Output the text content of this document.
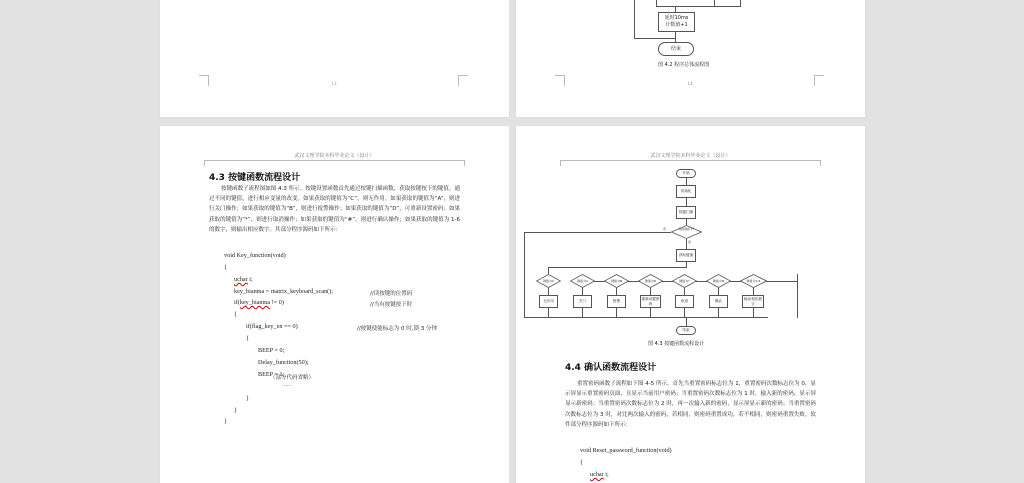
13
延时10ms
计数值+1
结束
图 4.2 程序总体流程图
14
武汉文理学院本科毕业论文（设计）
4.3 按键函数流程设计
按键函数子流程图如图 4.3 所示。按键设置函数首先通过按键扫描函数，获取按键按下的键值，通过不同的键值，进行相应变量的改变。如果获取的键值为“C”，则无作用。如果获取的键值为“A”，则进行关门操作；如果获取的键值为“B”，则进行报警操作；如果获取的键值为“D”，可重新设置密码；如果获取的键值为“*”，则进行取消操作；如果获取的键值为“#”，则进行确认操作；如果获取的键值为 1-6 的数字，则输出相应数字。其部分程序源码如下所示：
void Key_function(void)
{
uchar i;
key_bianma = matrix_keyboard_scan();	//读按键的位置码
if(key_bianma != 0)	//当有按键按下时
{
if(flag_key_en == 0)	//按键使能标志为 0 时,锁 3 分钟
{
BEEP = 0;
Delay_function(50);
BEEP = 1;
（部分代码省略）
……
}
}
}
武汉文理学院本科毕业论文（设计）
开始
初始化
按键扫描
有按键按下？
否
是
获取键值
键值为C	键值为A	键值为B	键值为D	键值为*	键值为#	键值为1-6
无作用	关门	报警
重新设置密码
取消	确认
输出相应数字
结束
图 4.3 按键函数流程设计
4.4 确认函数流程设计
重置密码函数子流程如下图 4-5 所示，首先当重置密码标志位为 1，重置密码次数标志位为 0，显示屏显示重置密码页面，且显示当前用户密码；当重置密码次数标志位为 1 时，输入新的密码，显示屏显示新密码；当重置密码次数标志位为 2 时，再一次输入新的密码，显示屏显示新的密码；当重置密码次数标志位为 3 时，对比两次输入的密码，若相同，则密码重置成功，若不相同，则密码重置失败。软件部分程序源码如下所示：
void Reset_password_function(void)
{
uchar i;
